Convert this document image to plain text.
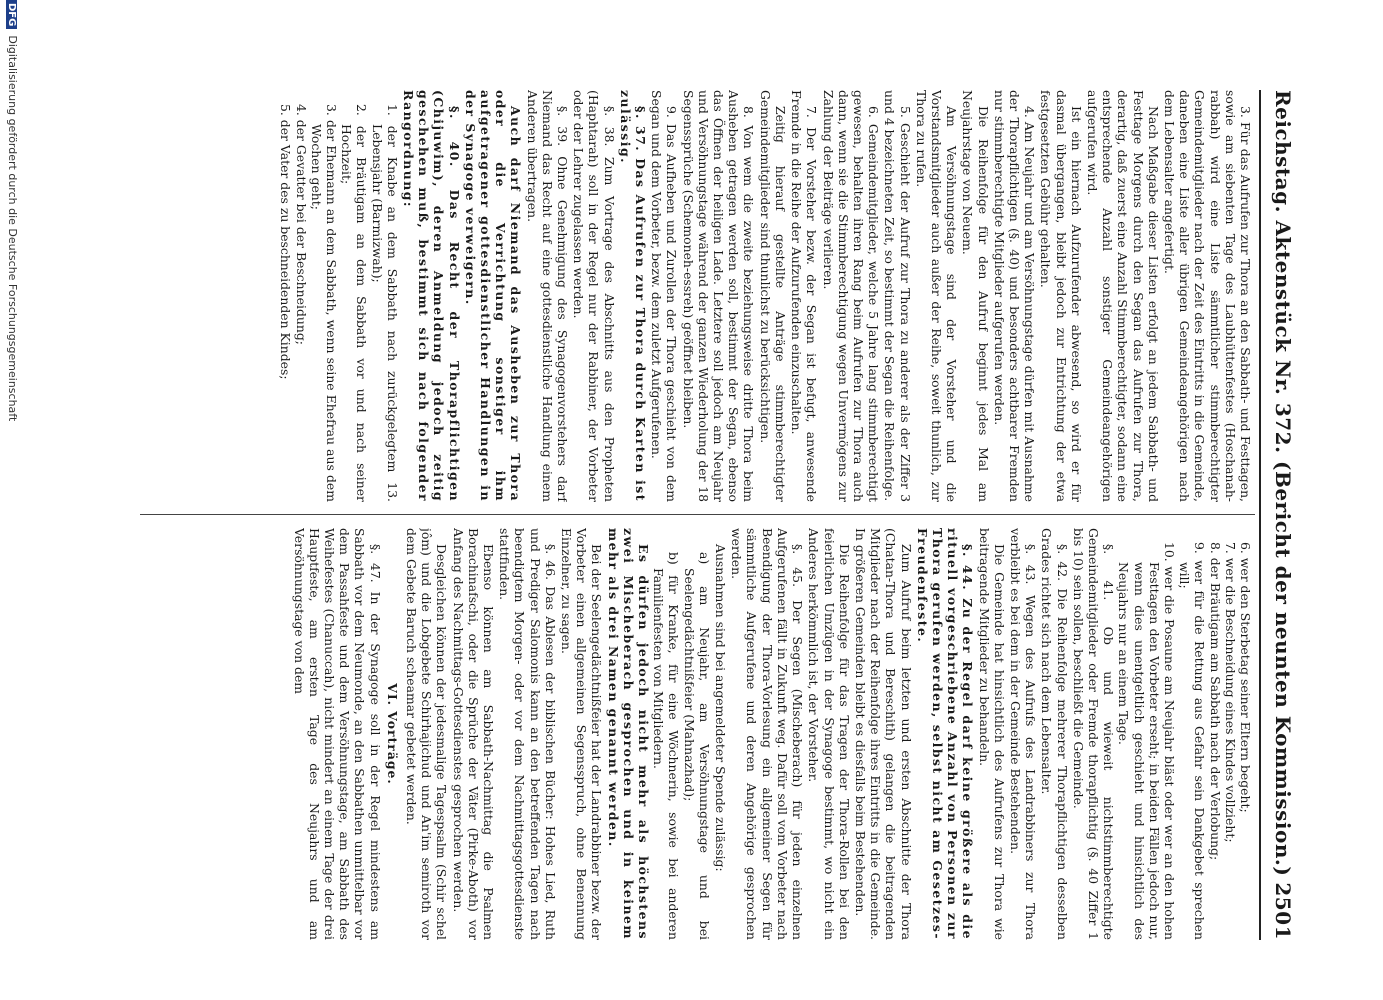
Reichstag. Aktenstück Nr. 372. (Bericht der neunten Kommission.)
2501

3. Für das Aufrufen zur Thora an den Sabbath- und Festtagen, sowie am siebenten Tage des Laubhüttenfestes (Hoschanah-rabbah) wird eine Liste sämmtlicher stimmberechtigter Gemeindemitglieder nach der Zeit des Eintritts in die Gemeinde, daneben eine Liste aller übrigen Gemeindeangehörigen nach dem Lebensalter angefertigt.

Nach Maßgabe dieser Listen erfolgt an jedem Sabbath- und Festtage Morgens durch den Segan das Aufrufen zur Thora, derartig, daß zuerst eine Anzahl Stimmberechtigter, sodann eine entsprechende Anzahl sonstiger Gemeindeangehörigen aufgerufen wird.

Ist ein hiernach Aufzurufender abwesend, so wird er für dasmal übergangen, bleibt jedoch zur Entrichtung der etwa festgesetzten Gebühr gehalten.

4. Am Neujahr und am Versöhnungstage dürfen mit Ausnahme der Thorapflichtigen (§. 40) und besonders achtbarer Fremden nur stimmberechtigte Mitglieder aufgerufen werden.

Die Reihenfolge für den Aufruf beginnt jedes Mal am Neujahrstage von Neuem.

Am Versöhnungstage sind der Vorsteher und die Vorstandsmitglieder auch außer der Reihe, soweit thunlich, zur Thora zu rufen.

5. Geschieht der Aufruf zur Thora zu anderer als der Ziffer 3 und 4 bezeichneten Zeit, so bestimmt der Segan die Reihenfolge.

6. Gemeindemitglieder, welche 5 Jahre lang stimmberechtigt gewesen, behalten ihren Rang beim Aufrufen zur Thora auch dann, wenn sie die Stimmberechtigung wegen Unvermögens zur Zahlung der Beiträge verlieren.

7. Der Vorsteher bezw. der Segan ist befugt, anwesende Fremde in die Reihe der Aufzurufenden einzuschalten.

Zeitig hierauf gestellte Anträge stimmberechtigter Gemeindemitglieder sind thunlichst zu berücksichtigen.

8. Von wem die zweite beziehungsweise dritte Thora beim Ausheben getragen werden soll, bestimmt der Segan, ebenso das Öffnen der heiligen Lade. Letztere soll jedoch am Neujahr und Versöhnungstage während der ganzen Wiederholung der 18 Segenssprüche (Schemoneh-essreh) geöffnet bleiben.

9. Das Aufheben und Zurollen der Thora geschieht von dem Segan und dem Vorbeter, bezw. dem zuletzt Aufgerufenen.

§. 37. Das Aufrufen zur Thora durch Karten ist zulässig.

§. 38. Zum Vortrage des Abschnitts aus den Propheten (Haphtarah) soll in der Regel nur der Rabbiner, der Vorbeter oder der Lehrer zugelassen werden.

§. 39. Ohne Genehmigung des Synagogenvorstehers darf Niemand das Recht auf eine gottesdienstliche Handlung einem Anderen übertragen.

Auch darf Niemand das Ausheben zur Thora oder die Verrichtung sonstiger ihm aufgetragener gottesdienstlicher Handlungen in der Synagoge verweigern.

§. 40. Das Recht der Thorapflichtigen (Chijuwim), deren Anmeldung jedoch zeitig geschehen muß, bestimmt sich nach folgender Rangordnung:

1. der Knabe an dem Sabbath nach zurückgelegtem 13. Lebensjahr (Barmizwah);

2. der Bräutigam an dem Sabbath vor und nach seiner Hochzeit;

3. der Ehemann an dem Sabbath, wenn seine Ehefrau aus dem Wochen geht;

4. der Gevatter bei der Beschneidung;

5. der Vater des zu beschneidenden Kindes;

6. wer den Sterbetag seiner Eltern begeht;

7. wer die Beschneidung eines Kindes vollzieht;

8. der Bräutigam am Sabbath nach der Verlobung;

9. wer für die Rettung aus Gefahr sein Dankgebet sprechen will;

10. wer die Posaune am Neujahr bläst oder wer an den hohen Festtagen den Vorbeter erseht; in beiden Fällen jedoch nur, wenn dies unentgeltlich geschieht und hinsichtlich des Neujahrs nur an einem Tage.

§. 41. Ob und wieweit nichtstimmberechtigte Gemeindemitglieder oder Fremde thorapflichtig (§. 40 Ziffer 1 bis 10) sein sollen, beschließt die Gemeinde.

§. 42. Die Reihenfolge mehrerer Thorapflichtigen desselben Grades richtet sich nach dem Lebensalter.

§. 43. Wegen des Aufrufs des Landrabbiners zur Thora verbleibt es bei dem in der Gemeinde Bestehenden.

Die Gemeinde hat hinsichtlich des Aufrufens zur Thora wie beitragende Mitglieder zu behandeln.

§. 44. Zu der Regel darf keine größere als die rituell vorgeschriebene Anzahl von Personen zur Thora gerufen werden, selbst nicht am Gesetzes-Freudenfeste.

Zum Aufruf beim letzten und ersten Abschnitte der Thora (Chatan-Thora und Bereschith) gelangen die beitragenden Mitglieder nach der Reihenfolge ihres Eintritts in die Gemeinde. In größeren Gemeinden bleibt es diesfalls beim Bestehenden.

Die Reihenfolge für das Tragen der Thora-Rollen bei den feierlichen Umzügen in der Synagoge bestimmt, wo nicht ein Anderes herkömmlich ist, der Vorsteher.

§. 45. Der Segen (Mischeberach) für jeden einzelnen Aufgerufenen fällt in Zukunft weg. Dafür soll vom Vorbeter nach Beendigung der Thora-Vorlesung ein allgemeiner Segen für sämmtliche Aufgerufene und deren Angehörige gesprochen werden.

Ausnahmen sind bei angemeldeter Spende zulässig:

a) am Neujahr, am Versöhnungstage und bei Seelengedächtnißfeier (Mahnazhad);

b) für Kranke, für eine Wöchnerin, sowie bei anderen Familienfesten von Mitgliedern.

Es dürfen jedoch nicht mehr als höchstens zwei Mischeberach gesprochen und in keinem mehr als drei Namen genannt werden.

Bei der Seelengedächtnißfeier hat der Landrabbiner bezw. der Vorbeter einen allgemeinen Segensspruch, ohne Benennung Einzelner, zu sagen.

§. 46. Das Ablesen der biblischen Bücher: Hohes Lied, Ruth und Prediger Salomonis kann an den betreffenden Tagen nach beendigtem Morgen- oder vor dem Nachmittagsgottesdienste stattfinden.

Ebenso können am Sabbath-Nachmittag die Psalmen Borachinafschi, oder die Sprüche der Väter (Pirke-Aboth) vor Anfang des Nachmittags-Gottesdienstes gesprochen werden.

Desgleichen können der jedesmalige Tagespsalm (Schir schel jôm) und die Lobgebete Schirhajichud und An'im semiroth vor dem Gebete Baruch scheamar gebetet werden.

VI. Vorträge.

§. 47. In der Synagoge soll in der Regel mindestens am Sabbath vor dem Neumonde, an den Sabbathen unmittelbar vor dem Passahfeste und dem Versöhnungstage, am Sabbath des Weihefestes (Chanuccah), nicht mindert an einem Tage der drei Hauptfeste, am ersten Tage des Neujahrs und am Versöhnungstage von dem

DFGDigitalisierung gefördert durch die Deutsche Forschungsgemeinschaft
